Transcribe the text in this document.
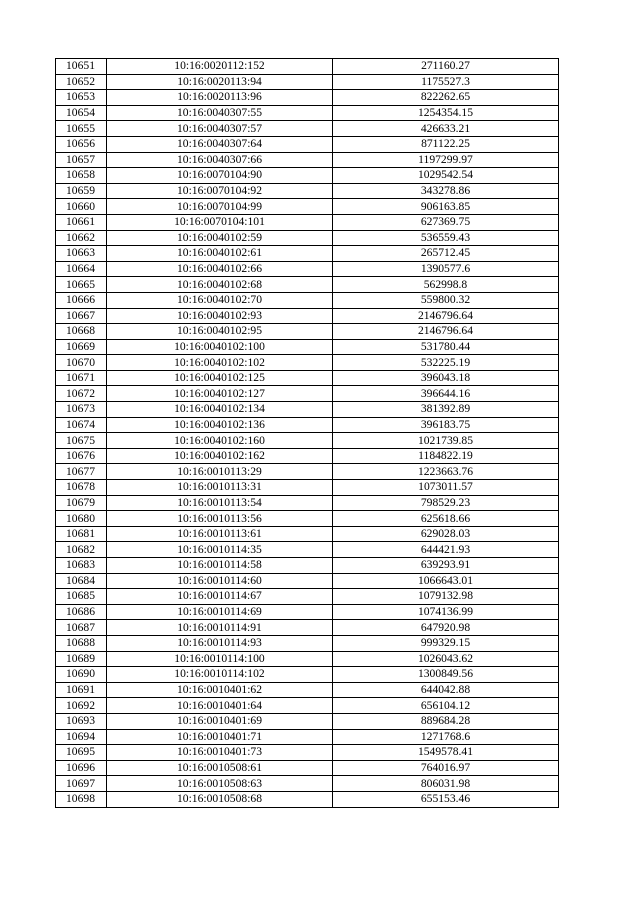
10651	10:16:0020112:152	271160.27
10652	10:16:0020113:94	1175527.3
10653	10:16:0020113:96	822262.65
10654	10:16:0040307:55	1254354.15
10655	10:16:0040307:57	426633.21
10656	10:16:0040307:64	871122.25
10657	10:16:0040307:66	1197299.97
10658	10:16:0070104:90	1029542.54
10659	10:16:0070104:92	343278.86
10660	10:16:0070104:99	906163.85
10661	10:16:0070104:101	627369.75
10662	10:16:0040102:59	536559.43
10663	10:16:0040102:61	265712.45
10664	10:16:0040102:66	1390577.6
10665	10:16:0040102:68	562998.8
10666	10:16:0040102:70	559800.32
10667	10:16:0040102:93	2146796.64
10668	10:16:0040102:95	2146796.64
10669	10:16:0040102:100	531780.44
10670	10:16:0040102:102	532225.19
10671	10:16:0040102:125	396043.18
10672	10:16:0040102:127	396644.16
10673	10:16:0040102:134	381392.89
10674	10:16:0040102:136	396183.75
10675	10:16:0040102:160	1021739.85
10676	10:16:0040102:162	1184822.19
10677	10:16:0010113:29	1223663.76
10678	10:16:0010113:31	1073011.57
10679	10:16:0010113:54	798529.23
10680	10:16:0010113:56	625618.66
10681	10:16:0010113:61	629028.03
10682	10:16:0010114:35	644421.93
10683	10:16:0010114:58	639293.91
10684	10:16:0010114:60	1066643.01
10685	10:16:0010114:67	1079132.98
10686	10:16:0010114:69	1074136.99
10687	10:16:0010114:91	647920.98
10688	10:16:0010114:93	999329.15
10689	10:16:0010114:100	1026043.62
10690	10:16:0010114:102	1300849.56
10691	10:16:0010401:62	644042.88
10692	10:16:0010401:64	656104.12
10693	10:16:0010401:69	889684.28
10694	10:16:0010401:71	1271768.6
10695	10:16:0010401:73	1549578.41
10696	10:16:0010508:61	764016.97
10697	10:16:0010508:63	806031.98
10698	10:16:0010508:68	655153.46
